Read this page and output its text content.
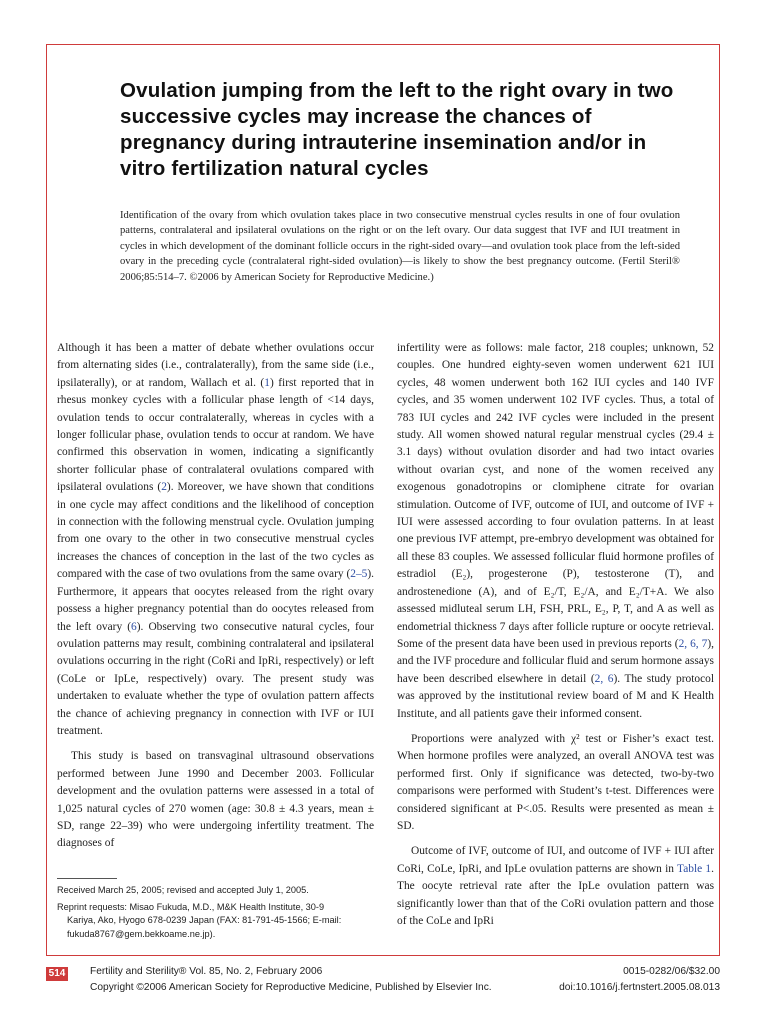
Ovulation jumping from the left to the right ovary in two successive cycles may increase the chances of pregnancy during intrauterine insemination and/or in vitro fertilization natural cycles
Identification of the ovary from which ovulation takes place in two consecutive menstrual cycles results in one of four ovulation patterns, contralateral and ipsilateral ovulations on the right or on the left ovary. Our data suggest that IVF and IUI treatment in cycles in which development of the dominant follicle occurs in the right-sided ovary—and ovulation took place from the left-sided ovary in the preceding cycle (contralateral right-sided ovulation)—is likely to show the best pregnancy outcome. (Fertil Steril® 2006;85:514–7. ©2006 by American Society for Reproductive Medicine.)

Although it has been a matter of debate whether ovulations occur from alternating sides (i.e., contralaterally), from the same side (i.e., ipsilaterally), or at random, Wallach et al. (1) first reported that in rhesus monkey cycles with a follicular phase length of <14 days, ovulation tends to occur contralaterally, whereas in cycles with a longer follicular phase, ovulation tends to occur at random. We have confirmed this observation in women, indicating a significantly shorter follicular phase of contralateral ovulations compared with ipsilateral ovulations (2). Moreover, we have shown that conditions in one cycle may affect conditions and the likelihood of conception in connection with the following menstrual cycle. Ovulation jumping from one ovary to the other in two consecutive menstrual cycles increases the chances of conception in the last of the two cycles as compared with the case of two ovulations from the same ovary (2–5). Furthermore, it appears that oocytes released from the right ovary possess a higher pregnancy potential than do oocytes released from the left ovary (6). Observing two consecutive natural cycles, four ovulation patterns may result, combining contralateral and ipsilateral ovulations occurring in the right (CoRi and IpRi, respectively) or left (CoLe or IpLe, respectively) ovary. The present study was undertaken to evaluate whether the type of ovulation pattern affects the chance of achieving pregnancy in connection with IVF or IUI treatment.

This study is based on transvaginal ultrasound observations performed between June 1990 and December 2003. Follicular development and the ovulation patterns were assessed in a total of 1,025 natural cycles of 270 women (age: 30.8 ± 4.3 years, mean ± SD, range 22–39) who were undergoing infertility treatment. The diagnoses of

infertility were as follows: male factor, 218 couples; unknown, 52 couples. One hundred eighty-seven women underwent 621 IUI cycles, 48 women underwent both 162 IUI cycles and 140 IVF cycles, and 35 women underwent 102 IVF cycles. Thus, a total of 783 IUI cycles and 242 IVF cycles were included in the present study. All women showed natural regular menstrual cycles (29.4 ± 3.1 days) without ovulation disorder and had two intact ovaries without ovarian cyst, and none of the women received any exogenous gonadotropins or clomiphene citrate for ovarian stimulation. Outcome of IVF, outcome of IUI, and outcome of IVF + IUI were assessed according to four ovulation patterns. In at least one previous IVF attempt, pre-embryo development was obtained for all these 83 couples. We assessed follicular fluid hormone profiles of estradiol (E₂), progesterone (P), testosterone (T), and androstenedione (A), and of E₂/T, E₂/A, and E₂/T+A. We also assessed midluteal serum LH, FSH, PRL, E₂, P, T, and A as well as endometrial thickness 7 days after follicle rupture or oocyte retrieval. Some of the present data have been used in previous reports (2, 6, 7), and the IVF procedure and follicular fluid and serum hormone assays have been described elsewhere in detail (2, 6). The study protocol was approved by the institutional review board of M and K Health Institute, and all patients gave their informed consent.

Proportions were analyzed with χ² test or Fisher’s exact test. When hormone profiles were analyzed, an overall ANOVA test was performed first. Only if significance was detected, two-by-two comparisons were performed with Student’s t-test. Differences were considered significant at P<.05. Results were presented as mean ± SD.

Outcome of IVF, outcome of IUI, and outcome of IVF + IUI after CoRi, CoLe, IpRi, and IpLe ovulation patterns are shown in Table 1. The oocyte retrieval rate after the IpLe ovulation pattern was significantly lower than that of the CoRi ovulation pattern and those of the CoLe and IpRi

Received March 25, 2005; revised and accepted July 1, 2005.
Reprint requests: Misao Fukuda, M.D., M&K Health Institute, 30-9
Kariya, Ako, Hyogo 678-0239 Japan (FAX: 81-791-45-1566; E-mail:
fukuda8767@gem.bekkoame.ne.jp).
514 Fertility and Sterility® Vol. 85, No. 2, February 2006
Copyright ©2006 American Society for Reproductive Medicine, Published by Elsevier Inc.
0015-0282/06/$32.00
doi:10.1016/j.fertnstert.2005.08.013
